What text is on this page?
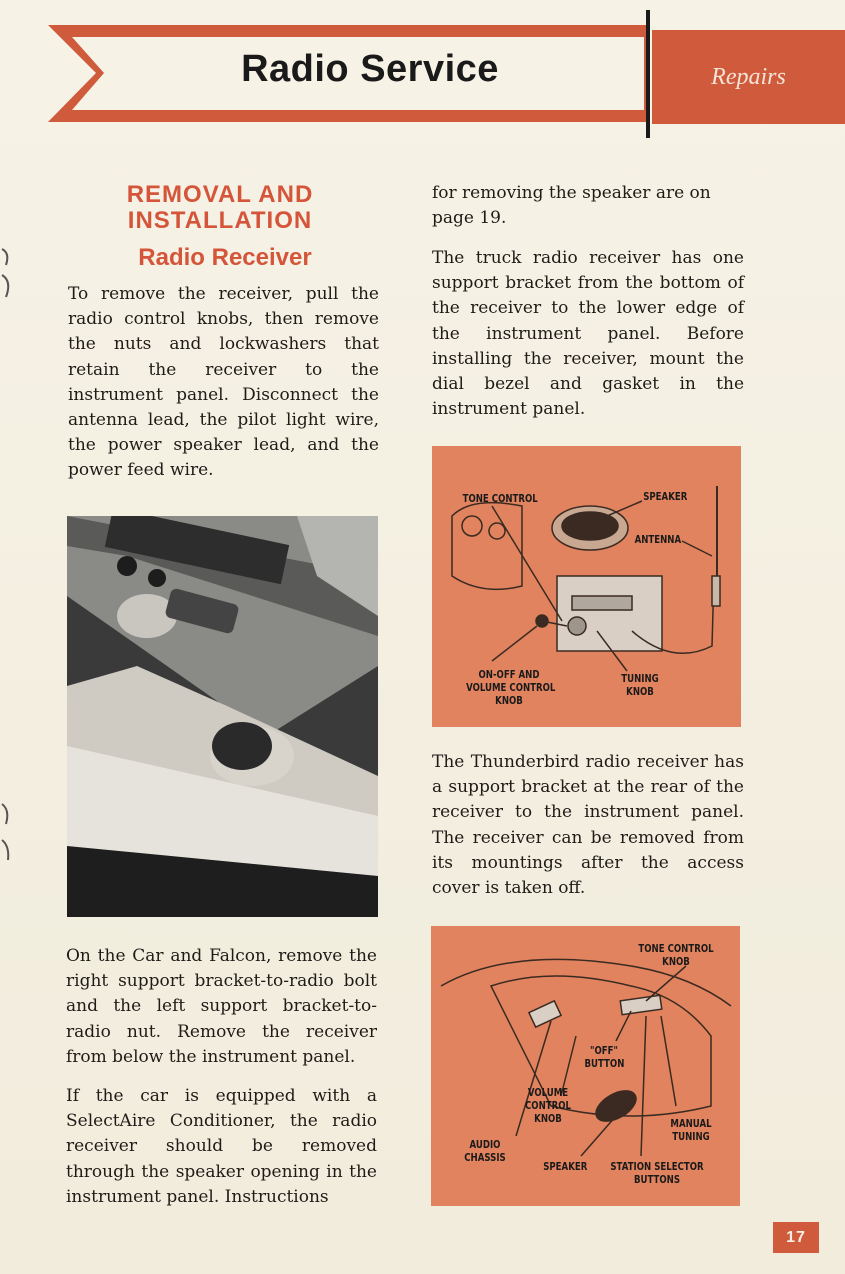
Radio Service	Repairs
REMOVAL AND INSTALLATION
Radio Receiver

To remove the receiver, pull the radio control knobs, then remove the nuts and lockwashers that retain the receiver to the instrument panel. Disconnect the antenna lead, the pilot light wire, the power speaker lead, and the power feed wire.

On the Car and Falcon, remove the right support bracket-to-radio bolt and the left support bracket-to-radio nut. Remove the receiver from below the instrument panel.

If the car is equipped with a SelectAire Conditioner, the radio receiver should be removed through the speaker opening in the instrument panel. Instructions

for removing the speaker are on page 19.

The truck radio receiver has one support bracket from the bottom of the receiver to the lower edge of the instrument panel. Before installing the receiver, mount the dial bezel and gasket in the instrument panel.

TONE CONTROL	SPEAKER
ANTENNA
ON-OFF AND
VOLUME CONTROL
KNOB
TUNING
KNOB

The Thunderbird radio receiver has a support bracket at the rear of the receiver to the instrument panel. The receiver can be removed from its mountings after the access cover is taken off.

TONE CONTROL
KNOB
"OFF"
BUTTON
VOLUME
CONTROL
KNOB	MANUAL
TUNING
AUDIO
CHASSIS
SPEAKER STATION SELECTOR
BUTTONS
17
